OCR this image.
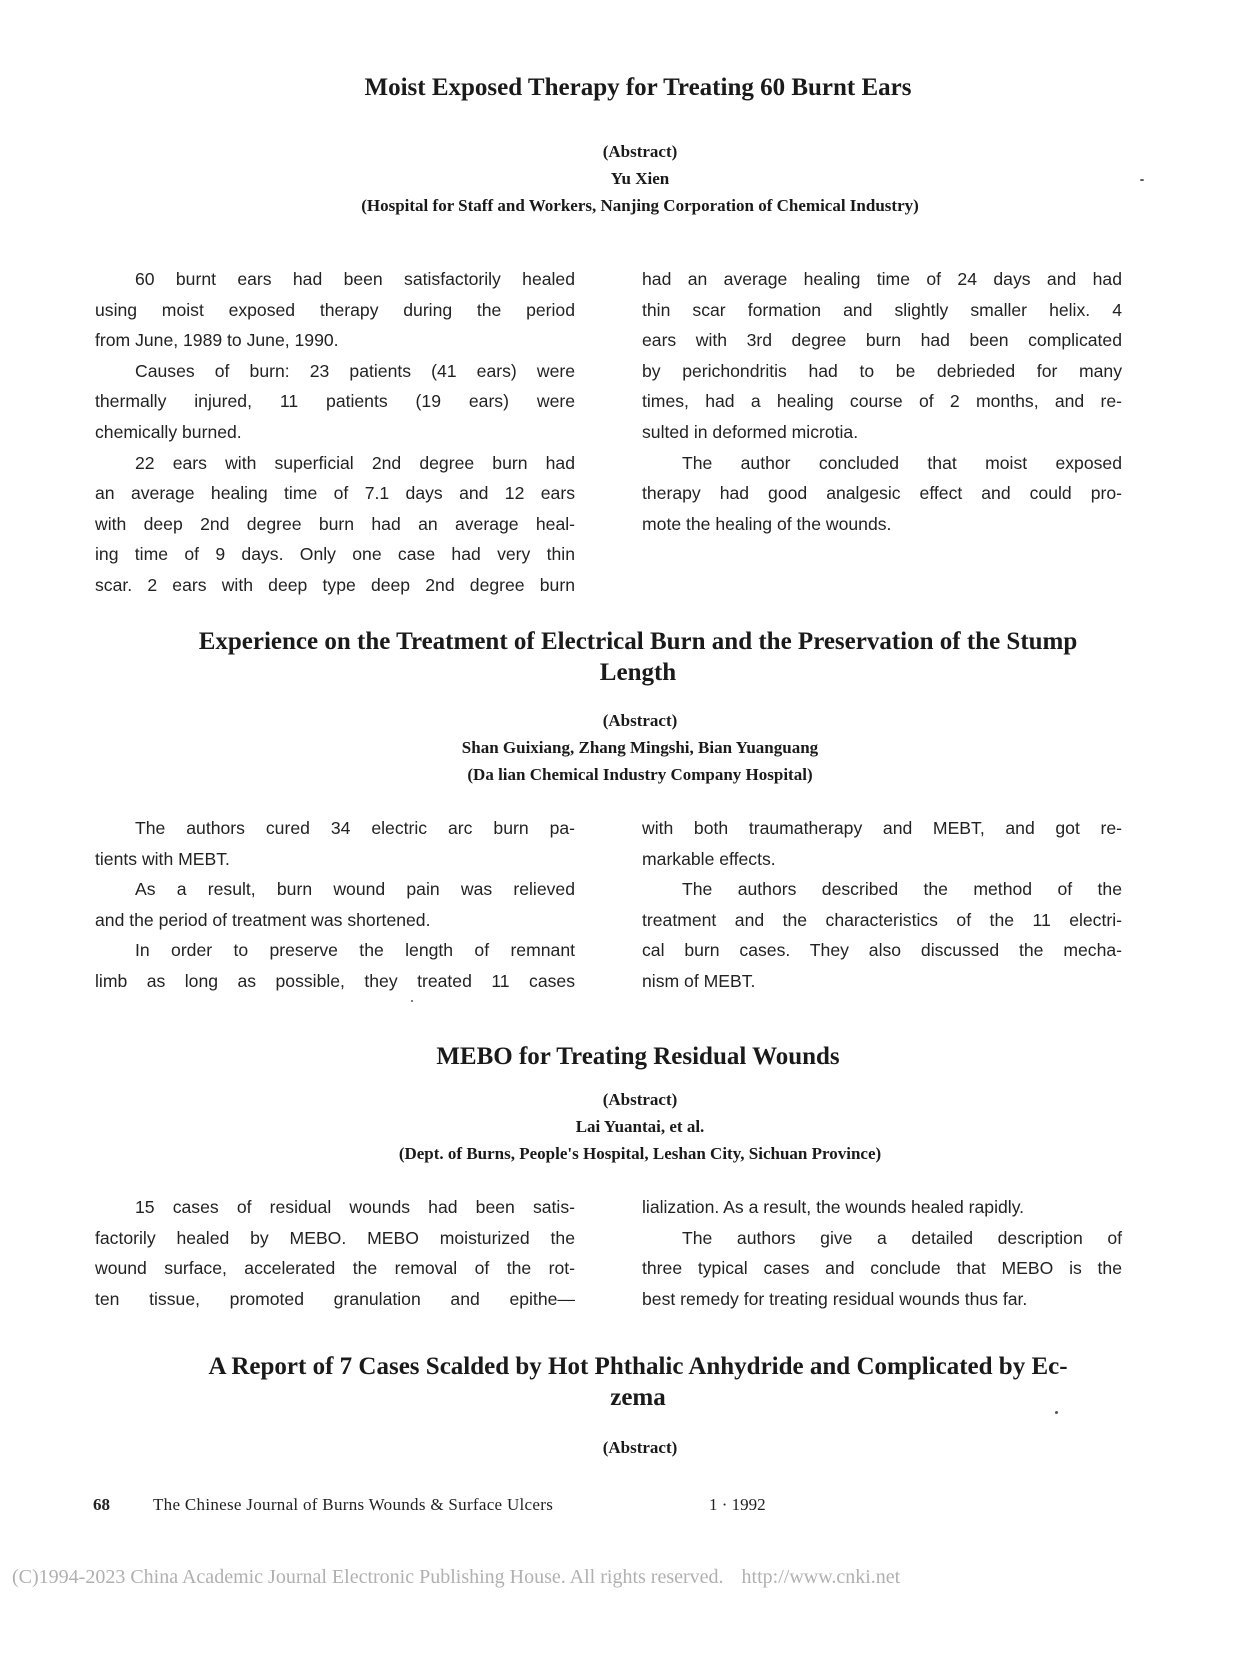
Moist Exposed Therapy for Treating 60 Burnt Ears
(Abstract)
Yu Xien
(Hospital for Staff and Workers, Nanjing Corporation of Chemical Industry)
60 burnt ears had been satisfactorily healed
using moist exposed therapy during the period
from June, 1989 to June, 1990.
Causes of burn: 23 patients (41 ears) were
thermally injured, 11 patients (19 ears) were
chemically burned.
22 ears with superficial 2nd degree burn had
an average healing time of 7.1 days and 12 ears
with deep 2nd degree burn had an average heal-
ing time of 9 days. Only one case had very thin
scar. 2 ears with deep type deep 2nd degree burn
had an average healing time of 24 days and had
thin scar formation and slightly smaller helix. 4
ears with 3rd degree burn had been complicated
by perichondritis had to be debrieded for many
times, had a healing course of 2 months, and re-
sulted in deformed microtia.
The author concluded that moist exposed
therapy had good analgesic effect and could pro-
mote the healing of the wounds.
Experience on the Treatment of Electrical Burn and the Preservation of the Stump
Length
(Abstract)
Shan Guixiang, Zhang Mingshi, Bian Yuanguang
(Da lian Chemical Industry Company Hospital)
The authors cured 34 electric arc burn pa-
tients with MEBT.
As a result, burn wound pain was relieved
and the period of treatment was shortened.
In order to preserve the length of remnant
limb as long as possible, they treated 11 cases
with both traumatherapy and MEBT, and got re-
markable effects.
The authors described the method of the
treatment and the characteristics of the 11 electri-
cal burn cases. They also discussed the mecha-
nism of MEBT.
MEBO for Treating Residual Wounds
(Abstract)
Lai Yuantai, et al.
(Dept. of Burns, People's Hospital, Leshan City, Sichuan Province)
15 cases of residual wounds had been satis-
factorily healed by MEBO. MEBO moisturized the
wound surface, accelerated the removal of the rot-
ten tissue, promoted granulation and epithe—
lialization. As a result, the wounds healed rapidly.
The authors give a detailed description of
three typical cases and conclude that MEBO is the
best remedy for treating residual wounds thus far.
A Report of 7 Cases Scalded by Hot Phthalic Anhydride and Complicated by Ec-
zema
(Abstract)
68	The Chinese Journal of Burns Wounds & Surface Ulcers	1 · 1992
(C)1994-2023 China Academic Journal Electronic Publishing House. All rights reserved. http://www.cnki.net
